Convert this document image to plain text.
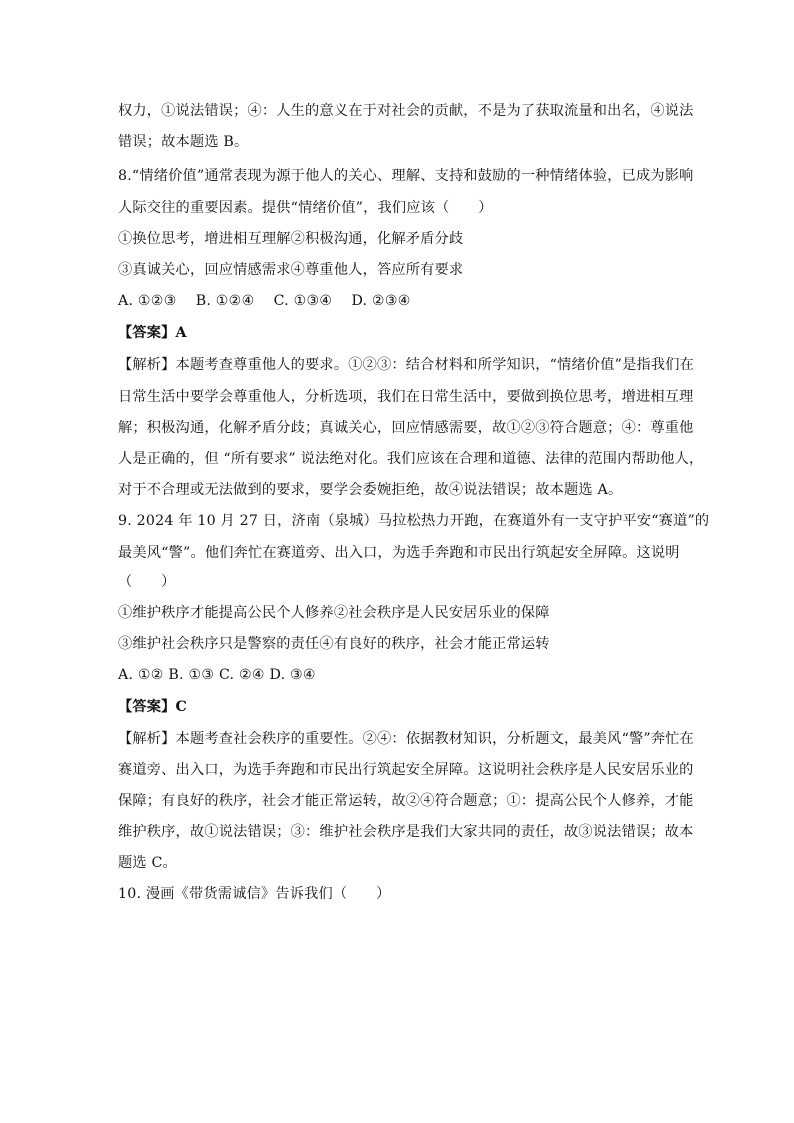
权力，①说法错误；④：人生的意义在于对社会的贡献，不是为了获取流量和出名，④说法
错误；故本题选 B。
8.“情绪价值”通常表现为源于他人的关心、理解、支持和鼓励的一种情绪体验，已成为影响
人际交往的重要因素。提供“情绪价值”，我们应该（　　）
①换位思考，增进相互理解②积极沟通，化解矛盾分歧
③真诚关心，回应情感需求④尊重他人，答应所有要求
A. ①②③　 B. ①②④　 C. ①③④　 D. ②③④
【答案】A
【解析】本题考查尊重他人的要求。①②③：结合材料和所学知识，“情绪价值”是指我们在
日常生活中要学会尊重他人，分析选项，我们在日常生活中，要做到换位思考，增进相互理
解；积极沟通，化解矛盾分歧；真诚关心，回应情感需要，故①②③符合题意；④：尊重他
人是正确的，但 “所有要求” 说法绝对化。我们应该在合理和道德、法律的范围内帮助他人，
对于不合理或无法做到的要求，要学会委婉拒绝，故④说法错误；故本题选 A。
9. 2024 年 10 月 27 日，济南（泉城）马拉松热力开跑，在赛道外有一支守护平安“赛道”的
最美风“警”。他们奔忙在赛道旁、出入口，为选手奔跑和市民出行筑起安全屏障。这说明
（　　）
①维护秩序才能提高公民个人修养②社会秩序是人民安居乐业的保障
③维护社会秩序只是警察的责任④有良好的秩序，社会才能正常运转
A. ①② B. ①③ C. ②④ D. ③④
【答案】C
【解析】本题考查社会秩序的重要性。②④：依据教材知识，分析题文，最美风“警”奔忙在
赛道旁、出入口，为选手奔跑和市民出行筑起安全屏障。这说明社会秩序是人民安居乐业的
保障；有良好的秩序，社会才能正常运转，故②④符合题意；①：提高公民个人修养，才能
维护秩序，故①说法错误；③：维护社会秩序是我们大家共同的责任，故③说法错误；故本
题选 C。
10. 漫画《带货需诚信》告诉我们（　　）
